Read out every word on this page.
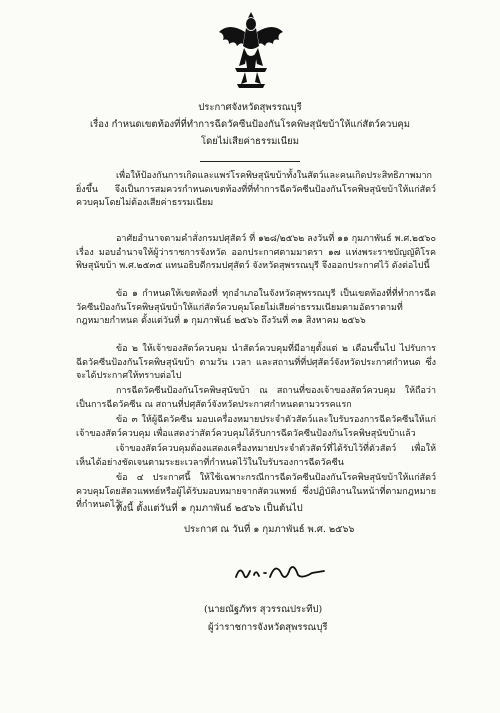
ประกาศจังหวัดสุพรรณบุรี
เรื่อง กำหนดเขตท้องที่ที่ทำการฉีดวัคซีนป้องกันโรคพิษสุนัขบ้าให้แก่สัตว์ควบคุม
โดยไม่เสียค่าธรรมเนียม

เพื่อให้ป้องกันการเกิดและแพร่โรคพิษสุนัขบ้าทั้งในสัตว์และคนเกิดประสิทธิภาพมากยิ่งขึ้น จึงเป็นการสมควรกำหนดเขตท้องที่ที่ทำการฉีดวัคซีนป้องกันโรคพิษสุนัขบ้าให้แก่สัตว์ควบคุมโดยไม่ต้องเสียค่าธรรมเนียม

อาศัยอำนาจตามคำสั่งกรมปศุสัตว์ ที่ ๑๒๘/๒๕๖๒ ลงวันที่ ๑๑ กุมภาพันธ์ พ.ศ.๒๕๖๐ เรื่อง มอบอำนาจให้ผู้ว่าราชการจังหวัด ออกประกาศตามมาตรา ๑๗ แห่งพระราชบัญญัติโรคพิษสุนัขบ้า พ.ศ.๒๕๓๕ แทนอธิบดีกรมปศุสัตว์ จังหวัดสุพรรณบุรี จึงออกประกาศไว้ ดังต่อไปนี้

ข้อ ๑ กำหนดให้เขตท้องที่ ทุกอำเภอในจังหวัดสุพรรณบุรี เป็นเขตท้องที่ที่ทำการฉีดวัคซีนป้องกันโรคพิษสุนัขบ้าให้แก่สัตว์ควบคุมโดยไม่เสียค่าธรรมเนียมตามอัตราตามที่กฎหมายกำหนด ตั้งแต่วันที่ ๑ กุมภาพันธ์ ๒๕๖๖ ถึงวันที่ ๓๑ สิงหาคม ๒๕๖๖

ข้อ ๒ ให้เจ้าของสัตว์ควบคุม นำสัตว์ควบคุมที่มีอายุตั้งแต่ ๒ เดือนขึ้นไป ไปรับการฉีดวัคซีนป้องกันโรคพิษสุนัขบ้า ตามวัน เวลา และสถานที่ที่ปศุสัตว์จังหวัดประกาศกำหนด ซึ่งจะได้ประกาศให้ทราบต่อไป

การฉีดวัคซีนป้องกันโรคพิษสุนัขบ้า ณ สถานที่ของเจ้าของสัตว์ควบคุม ให้ถือว่าเป็นการฉีดวัคซีน ณ สถานที่ปศุสัตว์จังหวัดประกาศกำหนดตามวรรคแรก

ข้อ ๓ ให้ผู้ฉีดวัคซีน มอบเครื่องหมายประจำตัวสัตว์และใบรับรองการฉีดวัคซีนให้แก่เจ้าของสัตว์ควบคุม เพื่อแสดงว่าสัตว์ควบคุมได้รับการฉีดวัคซีนป้องกันโรคพิษสุนัขบ้าแล้ว

เจ้าของสัตว์ควบคุมต้องแสดงเครื่องหมายประจำตัวสัตว์ที่ได้รับไว้ที่ตัวสัตว์ เพื่อให้เห็นได้อย่างชัดเจนตามระยะเวลาที่กำหนดไว้ในใบรับรองการฉีดวัคซีน

ข้อ ๔ ประกาศนี้ ให้ใช้เฉพาะกรณีการฉีดวัคซีนป้องกันโรคพิษสุนัขบ้าให้แก่สัตว์ควบคุมโดยสัตวแพทย์หรือผู้ได้รับมอบหมายจากสัตวแพทย์ ซึ่งปฏิบัติงานในหน้าที่ตามกฎหมายที่กำหนดไว้

ทั้งนี้ ตั้งแต่วันที่ ๑ กุมภาพันธ์ ๒๕๖๖ เป็นต้นไป
ประกาศ ณ วันที่ ๑ กุมภาพันธ์ พ.ศ. ๒๕๖๖
(นายณัฐภัทร สุวรรณประทีป)
ผู้ว่าราชการจังหวัดสุพรรณบุรี
